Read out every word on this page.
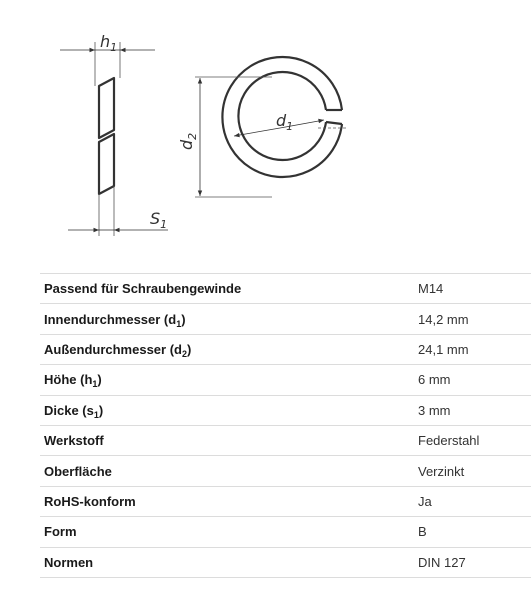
$h_1$
$S_1$
$d_2$
$d_1$
Passend für Schraubengewinde	M14
Innendurchmesser $(d_1)$	14,2 mm
Außendurchmesser $(d_2)$	24,1 mm
Höhe $(h_1)$	6 mm
Dicke $(s_1)$	3 mm
Werkstoff	Federstahl
Oberfläche	Verzinkt
RoHS-konform	Ja
Form	B
Normen	DIN 127
